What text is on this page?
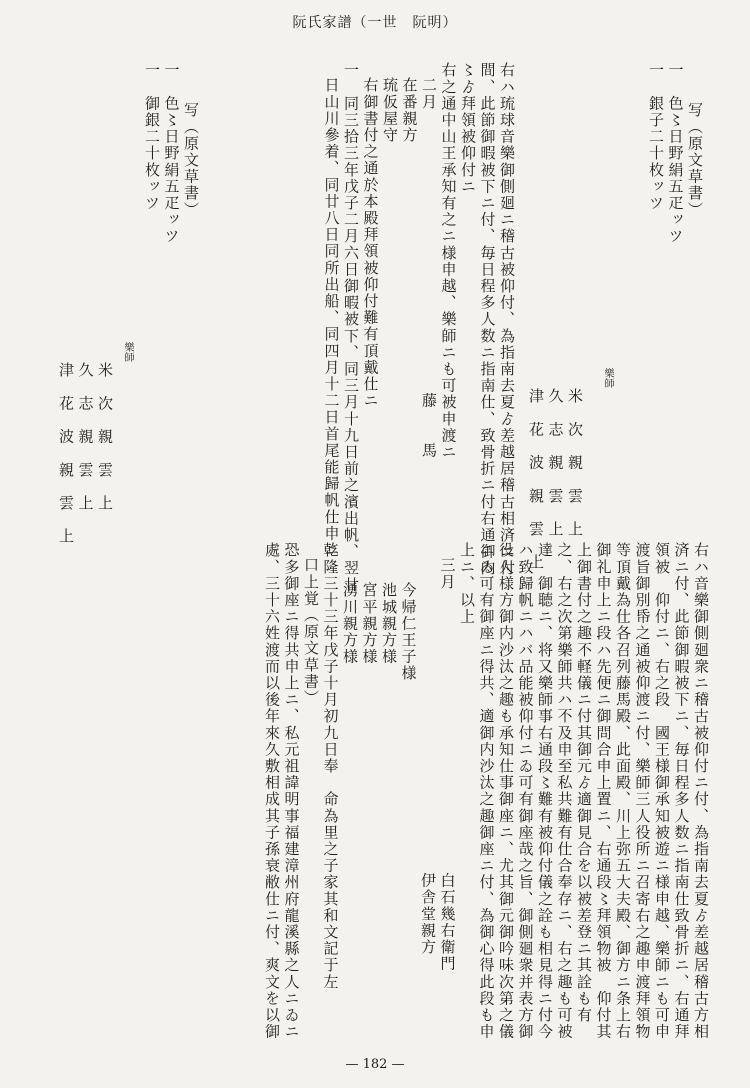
阮氏家譜（一世　阮明）
写（原文草書）
一　色〻日野絹五疋ッツ
一　銀子二十枚ッツ
樂師
米　次　親　雲　上
久　志　親　雲　上
津　花　波　親　雲　上
右ハ琉球音樂御側廻ニ稽古被仰付、為指南去夏ゟ差越居稽古相済ニ付
間、此節御暇被下ニ付、毎日程多人数ニ指南仕、致骨折ニ付右通御内
〻ゟ拜領被仰付ニ
右之通中山王承知有之ニ様申越、樂師ニも可被申渡ニ
二月　　　　　　　　　　　　　　　　　藤　　馬
在番親方
琉仮屋守
右御書付之通於本殿拜領被仰付難有頂戴仕ニ
一　同三拾三年戊子二月六日御暇被下、同三月十九日前之濱出帆、翌廿
日山川參着、同廿八日同所出船、同四月十二日首尾能歸帆仕申ニ
写（原文草書）
一　色〻日野絹五疋ッツ
一　御銀二十枚ッツ
樂師
米　次　親　雲　上
久　志　親　雲　上
津　花　波　親　雲　上
右ハ音樂御側廻衆ニ稽古被仰付ニ付、為指南去夏ゟ差越居稽古方相
済ニ付、此節御暇被下ニ、毎日程多人数ニ指南仕致骨折ニ、右通拜
領被　仰付ニ、右之段　國王様御承知被遊ニ様申越、樂師ニも可申
渡旨御別帋之通被仰渡ニ付、樂師三人役所ニ召寄右之趣申渡拜領物
等頂戴為仕各召列藤馬殿、此面殿、川上弥五大夫殿、御方ニ条上右
御礼申上ニ段ハ先便ニ御問合申上置ニ、右通段〻拜領物被　仰付其
上御書付之趣不軽儀ニ付其御元ゟ適御見合を以被差登ニ其詮も有
之、右之次第樂師共ハ不及申至私共難有仕合奉存ニ、右之趣も可被
達　御聴ニ、将又樂師事右通段〻難有被仰付儀之詮も相見得ニ付今
ハ致歸帆ニハバ品能被仰付ニゐ可有御座哉之旨、御側廻衆并表方御
役人様方御内沙汰之趣も承知仕事御座ニ、尤其御元御吟味次第之儀
ニゐ可有御座ニ得共、適御内沙汰之趣御座ニ付、為御心得此段も申
上ニ、以上
三月　　　　　　　　　　　　　　　　　白石幾右衛門
　　　　　　　　　　　　　　　　　　　伊舎堂親方
今帰仁王子様
池城親方様
宮平親方様
湧川親方様
乾隆三十三年戊子十月初九日奉　命為里之子家其和文記于左
口上覚（原文草書）
恐多御座ニ得共申上ニ、私元祖諱明事福建漳州府龍溪縣之人ニゐニ
處、三十六姓渡而以後年來久敷相成其子孫衰敝仕ニ付、爽文を以御
— 182 —
